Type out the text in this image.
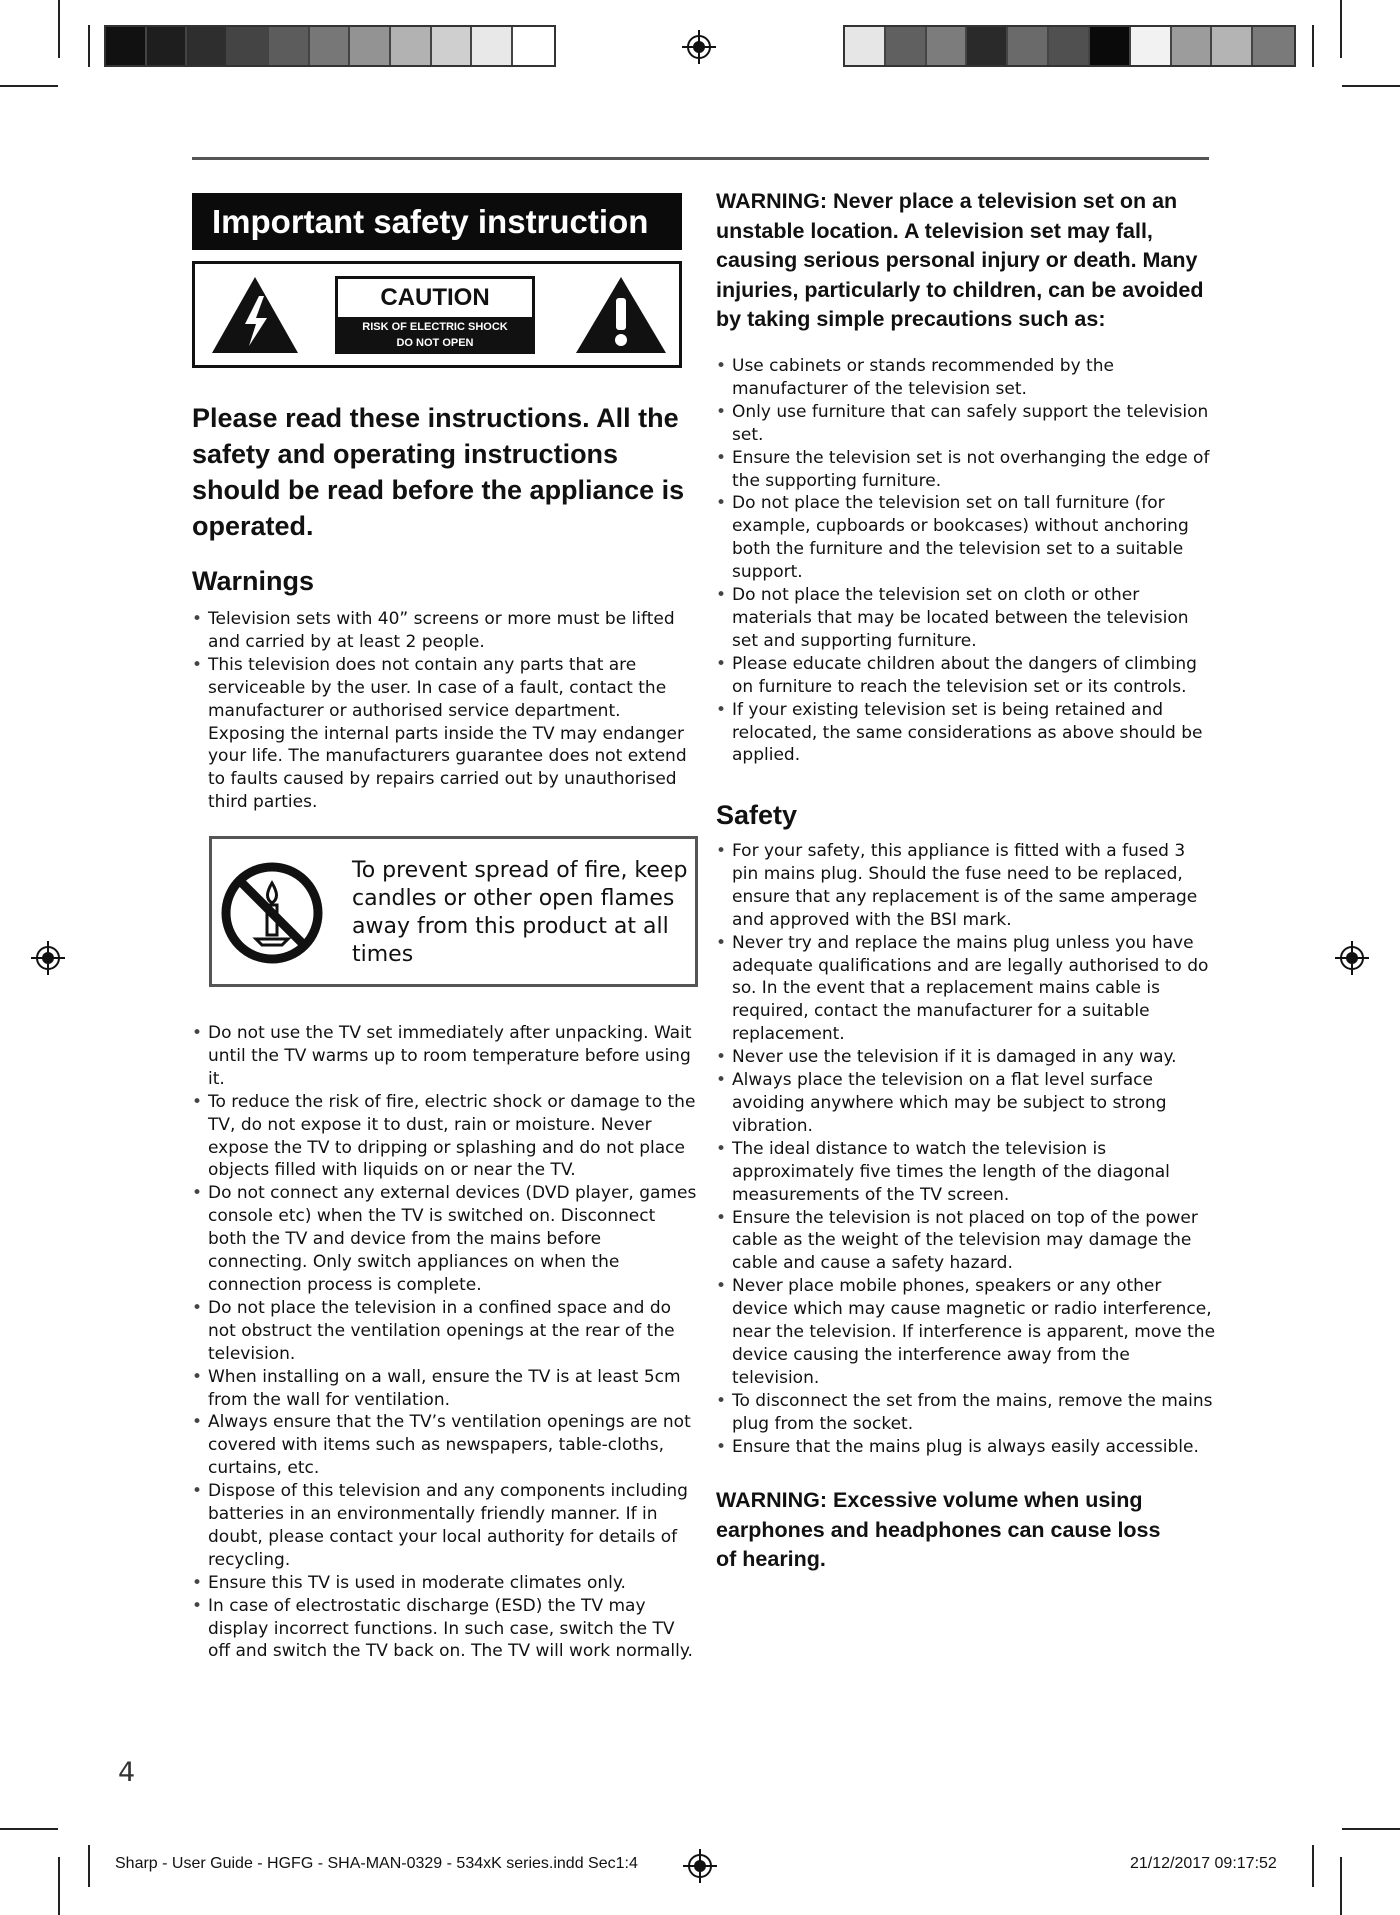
Important safety instruction
CAUTION
RISK OF ELECTRIC SHOCK
DO NOT OPEN
Please read these instructions. All the safety and operating instructions should be read before the appliance is operated.
Warnings
• Television sets with 40” screens or more must be lifted and carried by at least 2 people.
• This television does not contain any parts that are serviceable by the user. In case of a fault, contact the manufacturer or authorised service department. Exposing the internal parts inside the TV may endanger your life. The manufacturers guarantee does not extend to faults caused by repairs carried out by unauthorised third parties.
To prevent spread of fire, keep candles or other open flames away from this product at all times
• Do not use the TV set immediately after unpacking. Wait until the TV warms up to room temperature before using it.
• To reduce the risk of fire, electric shock or damage to the TV, do not expose it to dust, rain or moisture. Never expose the TV to dripping or splashing and do not place objects filled with liquids on or near the TV.
• Do not connect any external devices (DVD player, games console etc) when the TV is switched on. Disconnect both the TV and device from the mains before connecting. Only switch appliances on when the connection process is complete.
• Do not place the television in a confined space and do not obstruct the ventilation openings at the rear of the television.
• When installing on a wall, ensure the TV is at least 5cm from the wall for ventilation.
• Always ensure that the TV’s ventilation openings are not covered with items such as newspapers, table-cloths, curtains, etc.
• Dispose of this television and any components including batteries in an environmentally friendly manner. If in doubt, please contact your local authority for details of recycling.
• Ensure this TV is used in moderate climates only.
• In case of electrostatic discharge (ESD) the TV may display incorrect functions. In such case, switch the TV off and switch the TV back on. The TV will work normally.
WARNING: Never place a television set on an unstable location. A television set may fall, causing serious personal injury or death. Many injuries, particularly to children, can be avoided by taking simple precautions such as:
• Use cabinets or stands recommended by the manufacturer of the television set.
• Only use furniture that can safely support the television set.
• Ensure the television set is not overhanging the edge of the supporting furniture.
• Do not place the television set on tall furniture (for example, cupboards or bookcases) without anchoring both the furniture and the television set to a suitable support.
• Do not place the television set on cloth or other materials that may be located between the television set and supporting furniture.
• Please educate children about the dangers of climbing on furniture to reach the television set or its controls.
• If your existing television set is being retained and relocated, the same considerations as above should be applied.
Safety
• For your safety, this appliance is fitted with a fused 3 pin mains plug. Should the fuse need to be replaced, ensure that any replacement is of the same amperage and approved with the BSI mark.
• Never try and replace the mains plug unless you have adequate qualifications and are legally authorised to do so. In the event that a replacement mains cable is required, contact the manufacturer for a suitable replacement.
• Never use the television if it is damaged in any way.
• Always place the television on a flat level surface avoiding anywhere which may be subject to strong vibration.
• The ideal distance to watch the television is approximately five times the length of the diagonal measurements of the TV screen.
• Ensure the television is not placed on top of the power cable as the weight of the television may damage the cable and cause a safety hazard.
• Never place mobile phones, speakers or any other device which may cause magnetic or radio interference, near the television. If interference is apparent, move the device causing the interference away from the television.
• To disconnect the set from the mains, remove the mains plug from the socket.
• Ensure that the mains plug is always easily accessible.
WARNING: Excessive volume when using earphones and headphones can cause loss of hearing.
4
Sharp - User Guide - HGFG - SHA-MAN-0329 - 534xK series.indd Sec1:4	21/12/2017 09:17:52
